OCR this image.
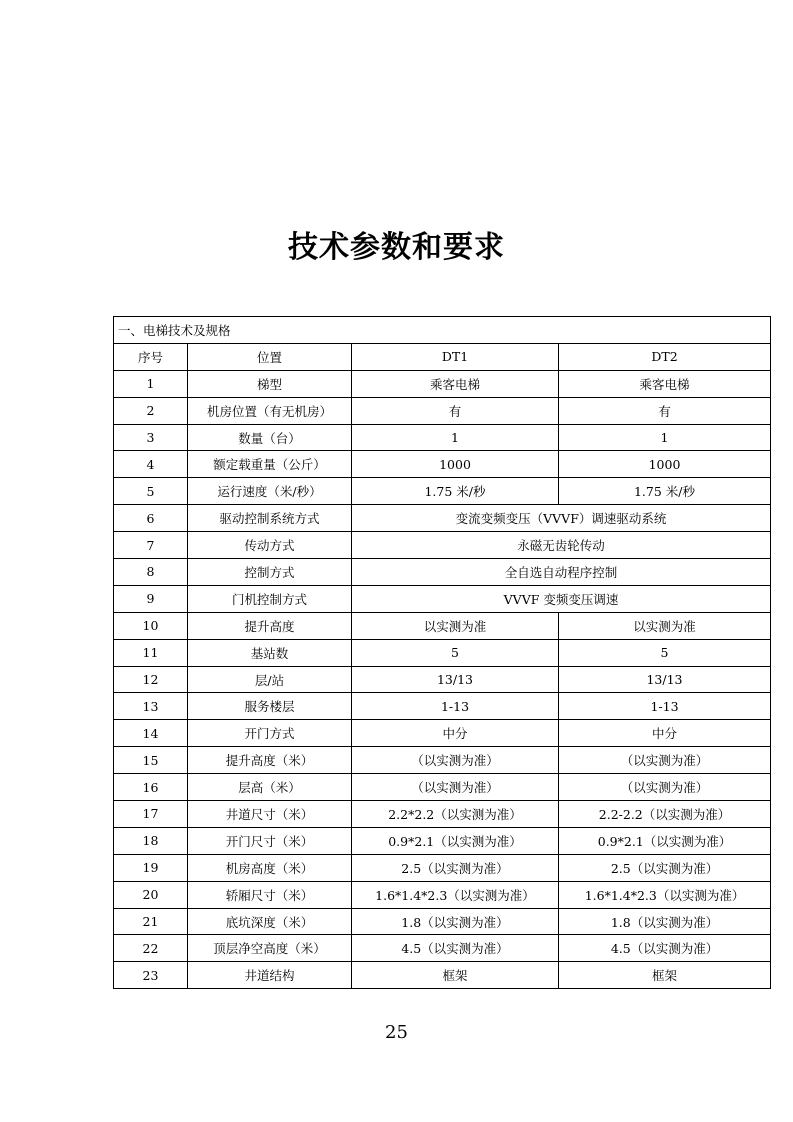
技术参数和要求
一、电梯技术及规格			
序号	位置	DT1	DT2
1	梯型	乘客电梯	乘客电梯
2	机房位置（有无机房）	有	有
3	数量（台）	1	1
4	额定载重量（公斤）	1000	1000
5	运行速度（米/秒）	1.75 米/秒	1.75 米/秒
6	驱动控制系统方式	变流变频变压（VVVF）调速驱动系统	
7	传动方式	永磁无齿轮传动	
8	控制方式	全自选自动程序控制	
9	门机控制方式	VVVF 变频变压调速	
10	提升高度	以实测为准	以实测为准
11	基站数	5	5
12	层/站	13/13	13/13
13	服务楼层	1-13	1-13
14	开门方式	中分	中分
15	提升高度（米）	（以实测为准）	（以实测为准）
16	层高（米）	（以实测为准）	（以实测为准）
17	井道尺寸（米）	2.2*2.2（以实测为准）	2.2-2.2（以实测为准）
18	开门尺寸（米）	0.9*2.1（以实测为准）	0.9*2.1（以实测为准）
19	机房高度（米）	2.5（以实测为准）	2.5（以实测为准）
20	轿厢尺寸（米）	1.6*1.4*2.3（以实测为准）	1.6*1.4*2.3（以实测为准）
21	底坑深度（米）	1.8（以实测为准）	1.8（以实测为准）
22	顶层净空高度（米）	4.5（以实测为准）	4.5（以实测为准）
23	井道结构	框架	框架
25
